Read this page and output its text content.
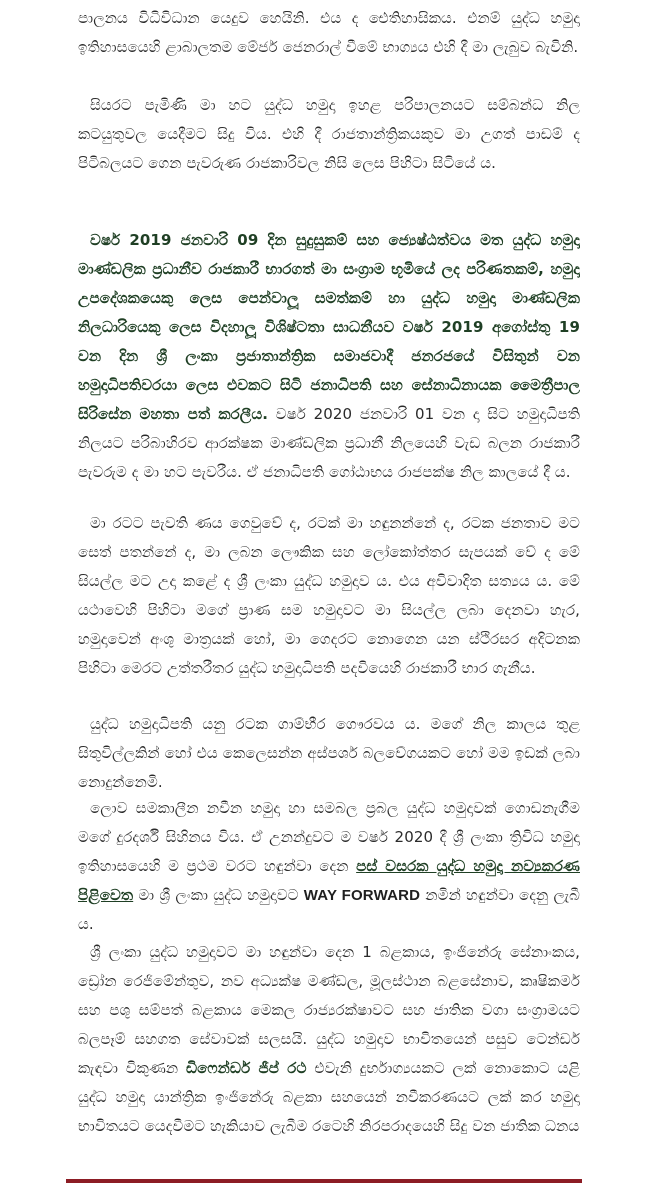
පාලනය විධිවිධාන යෙදුව හෙයිනි. එය ද ඓතිහාසිකය. එනම් යුද්ධ හමුදා ඉතිහාසයෙහි ළාබාලතම මේජර් ජෙනරාල් වීමේ භාග්‍යය එහි දී මා ලැබුව බැවිනි.

සියරට පැමිණි මා හට යුද්ධ හමුදා ඉහළ පරිපාලනයට සම්බන්ධ නිල කටයුතුවල යෙදීමට සිදු විය. එහි දී රාජතාන්ත්‍රිකයකුව මා උගත් පාඩම් ද පිටිබලයට ගෙන පැවරුණ රාජකාරිවල නිසි ලෙස පිහිටා සිටියේ ය.

වර්ෂ 2019 ජනවාරි 09 දින සුදුසුකම් සහ ජ්‍යෙෂ්ඨත්වය මත යුද්ධ හමුදා මාණ්ඩලික ප්‍රධානීව රාජකාරී භාරගත් මා සංග්‍රාම භූමියේ ලද පරිණතකම්, හමුදා උපදේශකයෙකු ලෙස පෙන්වාලූ සමත්කම් හා යුද්ධ හමුදා මාණ්ඩලික නිලධාරියෙකු ලෙස විදහාලූ විශිෂ්ටතා සාධනීයව වර්ෂ 2019 අගෝස්තු 19 වන දින ශ්‍රී ලංකා ප්‍රජාතාන්ත්‍රික සමාජවාදී ජනරජයේ විසිතුන් වන හමුදාධිපතිවරයා ලෙස එවකට සිටි ජනාධිපති සහ සේනාධිනායක මෛත්‍රීපාල සිරිසේන මහතා පත් කරලීය. වර්ෂ 2020 ජනවාරි 01 වන දා සිට හමුදාධිපති නිලයට පරිබාහිරව ආරක්ෂක මාණ්ඩලික ප්‍රධානී නිලයෙහි වැඩ බලන රාජකාරී පැවරුම ද මා හට පැවරීය. ඒ ජනාධිපති ගෝඨාභය රාජපක්ෂ නිල කාලයේ දී ය.

මා රටට පැවති ණය ගෙවුවේ ද, රටක් මා හඳුනන්නේ ද, රටක ජනතාව මට සෙත් පතන්නේ ද, මා ලබන ලෞකික සහ ලෝකෝත්තර සැපයක් වේ ද මේ සියල්ල මට උදා කළේ ද ශ්‍රී ලංකා යුද්ධ හමුදාව ය. එය අවිවාදිත සත්‍යය ය. මේ යථාවෙහි පිහිටා මගේ ප්‍රාණ සම හමුදාවට මා සියල්ල ලබා දෙනවා හැර, හමුදාවෙන් අංශු මාත්‍රයක් හෝ, මා ගෙදරට නොගෙන යන ස්ථිරසර අදිටනක පිහිටා මෙරට උත්තරීතර යුද්ධ හමුදාධිපති පදවියෙහි රාජකාරී භාර ගැනීය.

යුද්ධ හමුදාධිපති යනු රටක ගාම්භීර ගෞරවය ය. මගේ නිල කාලය තුළ සිතුවිල්ලකින් හෝ එය කෙලෙසන්න අස්පර්ශ බලවේගයකට හෝ මම ඉඩක් ලබා නොදුන්නෙමි.

ලොව සමකාලීන නවීන හමුදා හා සමබල ප්‍රබල යුද්ධ හමුදාවක් ගොඩනැගීම මගේ දුරදර්ශී සිහිනය විය. ඒ උනන්දුවට ම වර්ෂ 2020 දී ශ්‍රී ලංකා ත්‍රිවිධ හමුදා ඉතිහාසයෙහි ම ප්‍රථම වරට හඳුන්වා දෙන පස් වසරක යුද්ධ හමුදා නව්‍යකරණ පිළිවෙත මා ශ්‍රී ලංකා යුද්ධ හමුදාවට WAY FORWARD නමින් හඳුන්වා දෙනු ලැබී ය.

ශ්‍රී ලංකා යුද්ධ හමුදාවට මා හඳුන්වා දෙන 1 බළකාය, ඉංජිනේරු සේනාංකය, ඩ්‍රෝන රෙජිමේන්තුව, නව අධ්‍යක්ෂ මණ්ඩල, මූලස්ථාන බළසේනාව, කෘෂිකර්ම සහ පශු සම්පත් බළකාය මෙකල රාජ්‍යරක්ෂාවට සහ ජාතික වගා සංග්‍රාමයට බලපෑම් සහගත සේවාවක් සලසයි. යුද්ධ හමුදාව භාවිතයෙන් පසුව ටෙන්ඩර් කැඳවා විකුණන ඩිෆෙන්ඩර් ජීප් රථ එවැනි දුර්භාග්‍යයකට ලක් නොකොට යළි යුද්ධ හමුදා යාන්ත්‍රික ඉංජිනේරු බළකා සහයෙන් නවීකරණයට ලක් කර හමුදා භාවිතයට යෙදවීමට හැකියාව ලැබීම රටෙහි නිරපරාදයෙහි සිදු වන ජාතික ධනය
